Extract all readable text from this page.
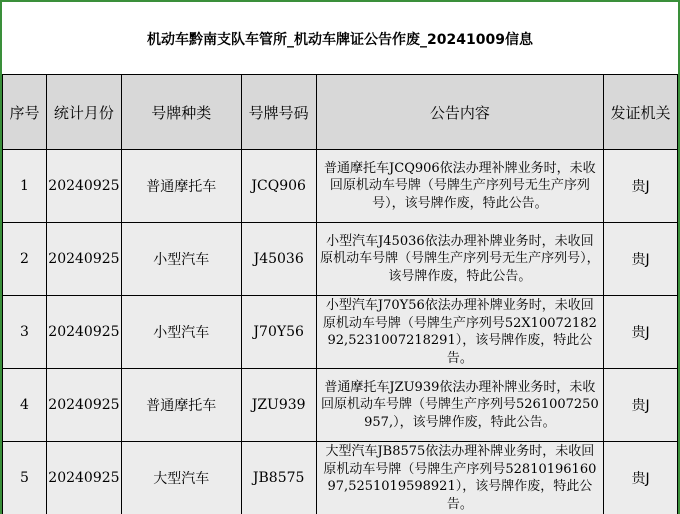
机动车黔南支队车管所_机动车牌证公告作废_20241009信息
序号	统计月份	号牌种类	号牌号码	公告内容	发证机关
1	20240925	普通摩托车	JCQ906	普通摩托车JCQ906依法办理补牌业务时，未收回原机动车号牌（号牌生产序列号无生产序列号），该号牌作废，特此公告。	贵J
2	20240925	小型汽车	J45036	小型汽车J45036依法办理补牌业务时，未收回原机动车号牌（号牌生产序列号无生产序列号），该号牌作废，特此公告。	贵J
3	20240925	小型汽车	J70Y56	小型汽车J70Y56依法办理补牌业务时，未收回原机动车号牌（号牌生产序列号52X1007218292,5231007218291），该号牌作废，特此公告。	贵J
4	20240925	普通摩托车	JZU939	普通摩托车JZU939依法办理补牌业务时，未收回原机动车号牌（号牌生产序列号5261007250957,），该号牌作废，特此公告。	贵J
5	20240925	大型汽车	JB8575	大型汽车JB8575依法办理补牌业务时，未收回原机动车号牌（号牌生产序列号5281019616097,5251019598921），该号牌作废，特此公告。	贵J
